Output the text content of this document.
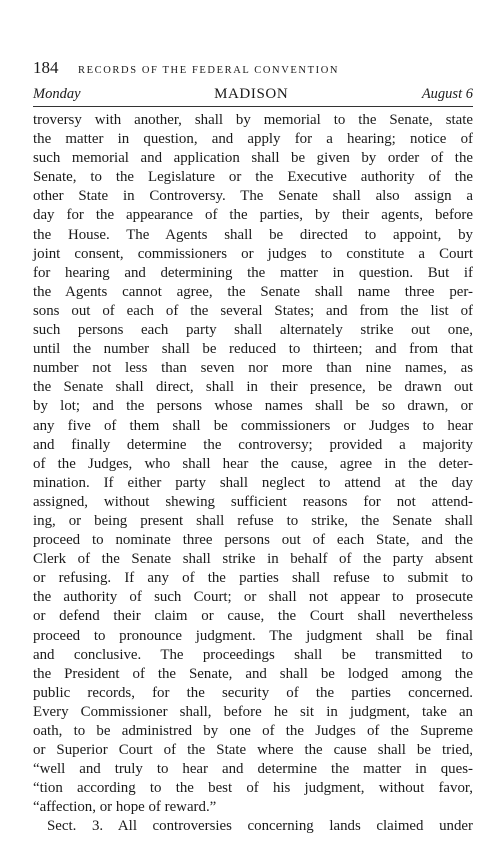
184	RECORDS OF THE FEDERAL CONVENTION
Monday	MADISON	August 6
troversy with another, shall by memorial to the Senate, state
the matter in question, and apply for a hearing; notice of
such memorial and application shall be given by order of the
Senate, to the Legislature or the Executive authority of the
other State in Controversy. The Senate shall also assign a
day for the appearance of the parties, by their agents, before
the House. The Agents shall be directed to appoint, by
joint consent, commissioners or judges to constitute a Court
for hearing and determining the matter in question. But if
the Agents cannot agree, the Senate shall name three per-
sons out of each of the several States; and from the list of
such persons each party shall alternately strike out one,
until the number shall be reduced to thirteen; and from that
number not less than seven nor more than nine names, as
the Senate shall direct, shall in their presence, be drawn out
by lot; and the persons whose names shall be so drawn, or
any five of them shall be commissioners or Judges to hear
and finally determine the controversy; provided a majority
of the Judges, who shall hear the cause, agree in the deter-
mination. If either party shall neglect to attend at the day
assigned, without shewing sufficient reasons for not attend-
ing, or being present shall refuse to strike, the Senate shall
proceed to nominate three persons out of each State, and the
Clerk of the Senate shall strike in behalf of the party absent
or refusing. If any of the parties shall refuse to submit to
the authority of such Court; or shall not appear to prosecute
or defend their claim or cause, the Court shall nevertheless
proceed to pronounce judgment. The judgment shall be final
and conclusive. The proceedings shall be transmitted to
the President of the Senate, and shall be lodged among the
public records, for the security of the parties concerned.
Every Commissioner shall, before he sit in judgment, take an
oath, to be administred by one of the Judges of the Supreme
or Superior Court of the State where the cause shall be tried,
“well and truly to hear and determine the matter in ques-
“tion according to the best of his judgment, without favor,
“affection, or hope of reward.”
Sect. 3. All controversies concerning lands claimed under
